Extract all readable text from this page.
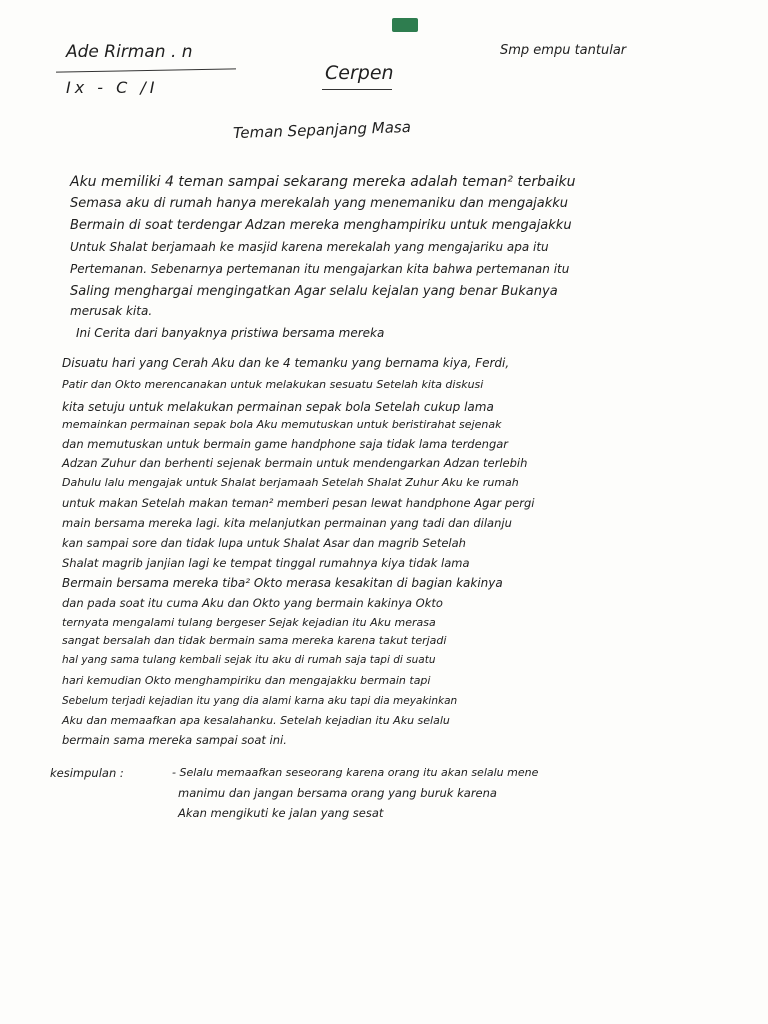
Ade Rirman . n
Ix - C /I
Smp empu tantular
Cerpen
Teman Sepanjang Masa
Aku memiliki 4 teman sampai sekarang mereka adalah teman² terbaiku
Semasa aku di rumah hanya merekalah yang menemaniku dan mengajakku
Bermain di soat terdengar Adzan mereka menghampiriku untuk mengajakku
Untuk Shalat berjamaah ke masjid karena merekalah yang mengajariku apa itu
Pertemanan. Sebenarnya pertemanan itu mengajarkan kita bahwa pertemanan itu
Saling menghargai mengingatkan Agar selalu kejalan yang benar Bukanya
merusak kita.
Ini Cerita dari banyaknya pristiwa bersama mereka
Disuatu hari yang Cerah Aku dan ke 4 temanku yang bernama kiya, Ferdi,
Patir dan Okto merencanakan untuk melakukan sesuatu Setelah kita diskusi
kita setuju untuk melakukan permainan sepak bola Setelah cukup lama
memainkan permainan sepak bola Aku memutuskan untuk beristirahat sejenak
dan memutuskan untuk bermain game handphone saja tidak lama terdengar
Adzan Zuhur dan berhenti sejenak bermain untuk mendengarkan Adzan terlebih
Dahulu lalu mengajak untuk Shalat berjamaah Setelah Shalat Zuhur Aku ke rumah
untuk makan Setelah makan teman² memberi pesan lewat handphone Agar pergi
main bersama mereka lagi. kita melanjutkan permainan yang tadi dan dilanju
kan sampai sore dan tidak lupa untuk Shalat Asar dan magrib Setelah
Shalat magrib janjian lagi ke tempat tinggal rumahnya kiya tidak lama
Bermain bersama mereka tiba² Okto merasa kesakitan di bagian kakinya
dan pada soat itu cuma Aku dan Okto yang bermain kakinya Okto
ternyata mengalami tulang bergeser Sejak kejadian itu Aku merasa
sangat bersalah dan tidak bermain sama mereka karena takut terjadi
hal yang sama tulang kembali sejak itu aku di rumah saja tapi di suatu
hari kemudian Okto menghampiriku dan mengajakku bermain tapi
Sebelum terjadi kejadian itu yang dia alami karna aku tapi dia meyakinkan
Aku dan memaafkan apa kesalahanku. Setelah kejadian itu Aku selalu
bermain sama mereka sampai soat ini.
kesimpulan :	- Selalu memaafkan seseorang karena orang itu akan selalu mene
manimu dan jangan bersama orang yang buruk karena
Akan mengikuti ke jalan yang sesat
